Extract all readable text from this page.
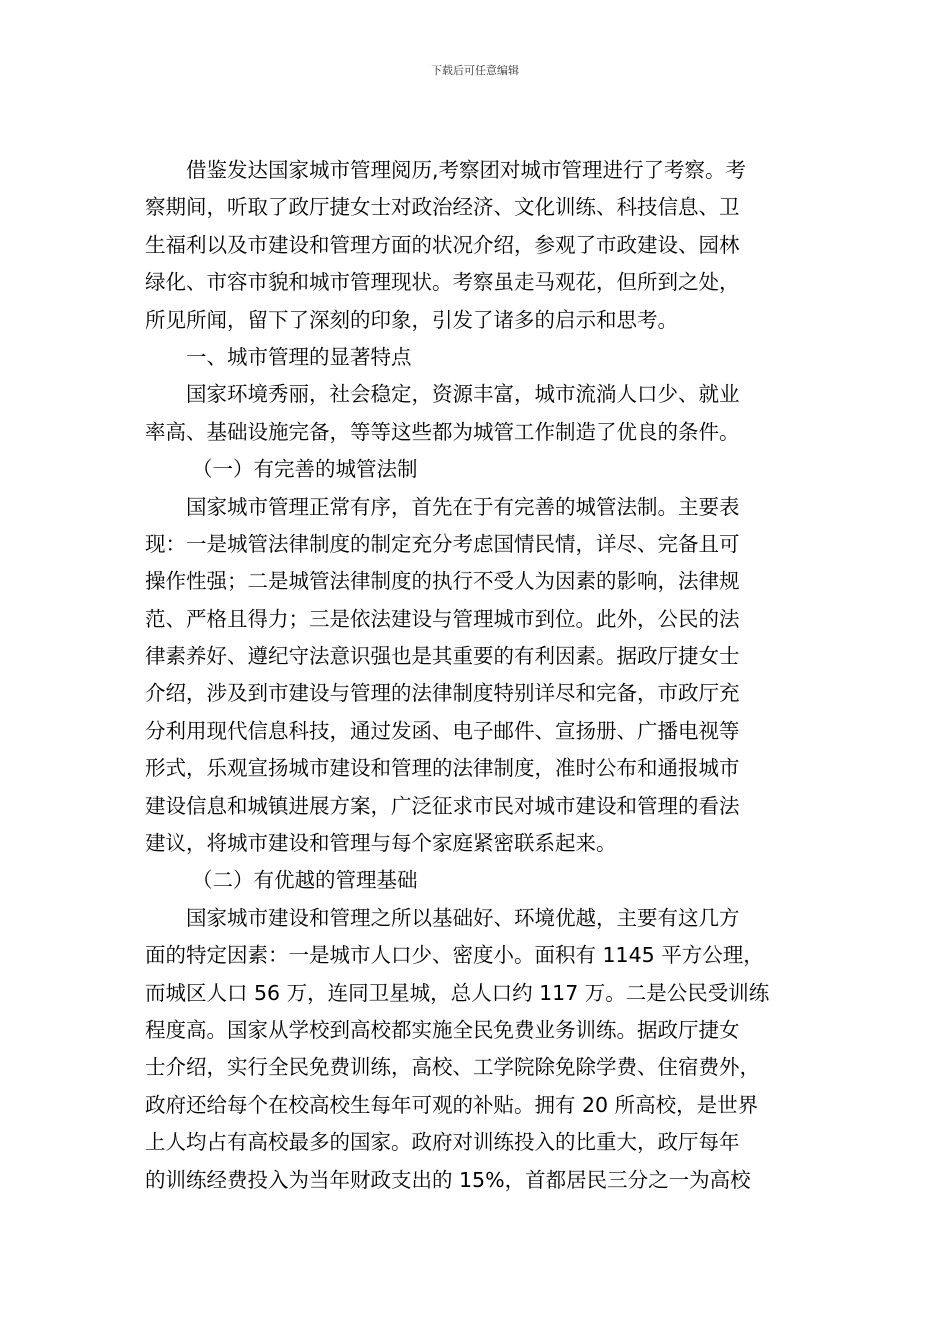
下载后可任意编辑
借鉴发达国家城市管理阅历,考察团对城市管理进行了考察。考
察期间，听取了政厅捷女士对政治经济、文化训练、科技信息、卫
生福利以及市建设和管理方面的状况介绍，参观了市政建设、园林
绿化、市容市貌和城市管理现状。考察虽走马观花，但所到之处，
所见所闻，留下了深刻的印象，引发了诸多的启示和思考。
一、城市管理的显著特点
国家环境秀丽，社会稳定，资源丰富，城市流淌人口少、就业
率高、基础设施完备，等等这些都为城管工作制造了优良的条件。
（一）有完善的城管法制
国家城市管理正常有序，首先在于有完善的城管法制。主要表
现：一是城管法律制度的制定充分考虑国情民情，详尽、完备且可
操作性强；二是城管法律制度的执行不受人为因素的影响，法律规
范、严格且得力；三是依法建设与管理城市到位。此外，公民的法
律素养好、遵纪守法意识强也是其重要的有利因素。据政厅捷女士
介绍，涉及到市建设与管理的法律制度特别详尽和完备，市政厅充
分利用现代信息科技，通过发函、电子邮件、宣扬册、广播电视等
形式，乐观宣扬城市建设和管理的法律制度，准时公布和通报城市
建设信息和城镇进展方案，广泛征求市民对城市建设和管理的看法
建议，将城市建设和管理与每个家庭紧密联系起来。
（二）有优越的管理基础
国家城市建设和管理之所以基础好、环境优越，主要有这几方
面的特定因素：一是城市人口少、密度小。面积有 1145 平方公理，
而城区人口 56 万，连同卫星城，总人口约 117 万。二是公民受训练
程度高。国家从学校到高校都实施全民免费业务训练。据政厅捷女
士介绍，实行全民免费训练，高校、工学院除免除学费、住宿费外，
政府还给每个在校高校生每年可观的补贴。拥有 20 所高校，是世界
上人均占有高校最多的国家。政府对训练投入的比重大，政厅每年
的训练经费投入为当年财政支出的 15%，首都居民三分之一为高校
